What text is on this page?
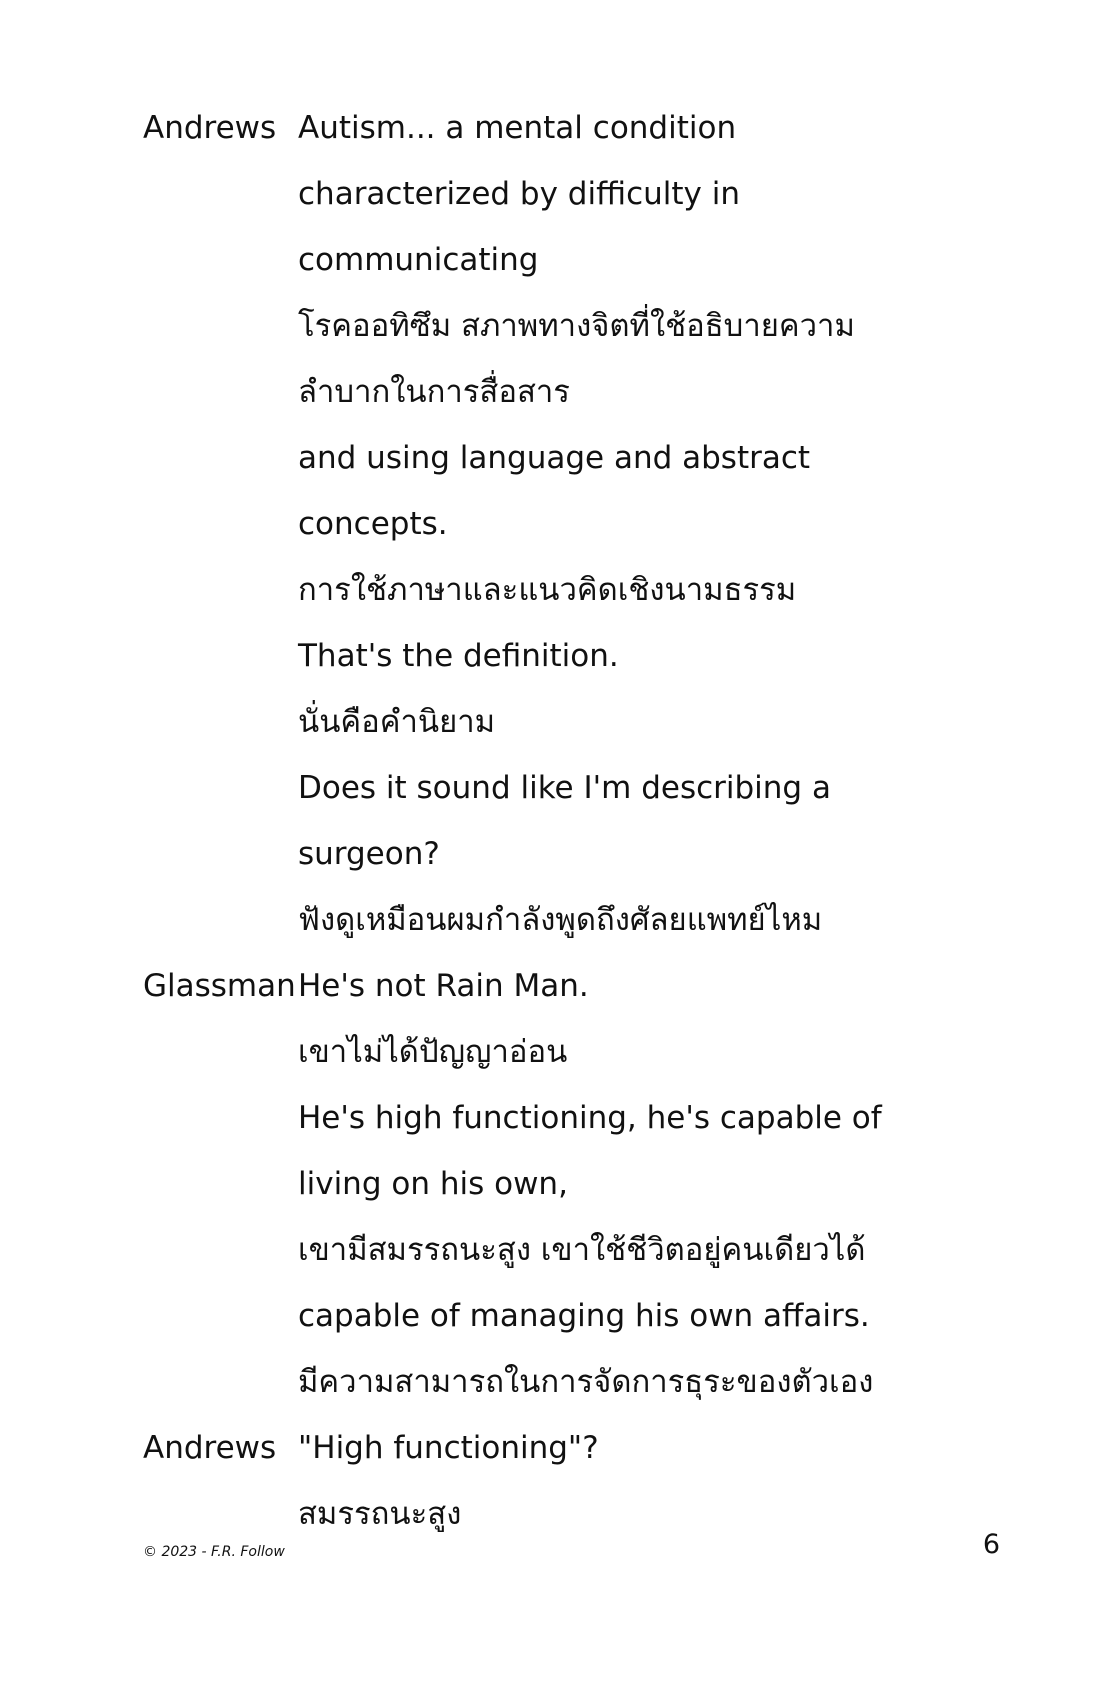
Andrews Autism... a mental condition
characterized by difficulty in
communicating
โรคออทิซึม สภาพทางจิตที่ใช้อธิบายความ
ลำบากในการสื่อสาร
and using language and abstract
concepts.
การใช้ภาษาและแนวคิดเชิงนามธรรม
That's the definition.
นั่นคือคำนิยาม
Does it sound like I'm describing a
surgeon?
ฟังดูเหมือนผมกำลังพูดถึงศัลยแพทย์ไหม
Glassman He's not Rain Man.
เขาไม่ได้ปัญญาอ่อน
He's high functioning, he's capable of
living on his own,
เขามีสมรรถนะสูง เขาใช้ชีวิตอยู่คนเดียวได้
capable of managing his own affairs.
มีความสามารถในการจัดการธุระของตัวเอง
Andrews "High functioning"?
สมรรถนะสูง
© 2023 - F.R. Follow	6
